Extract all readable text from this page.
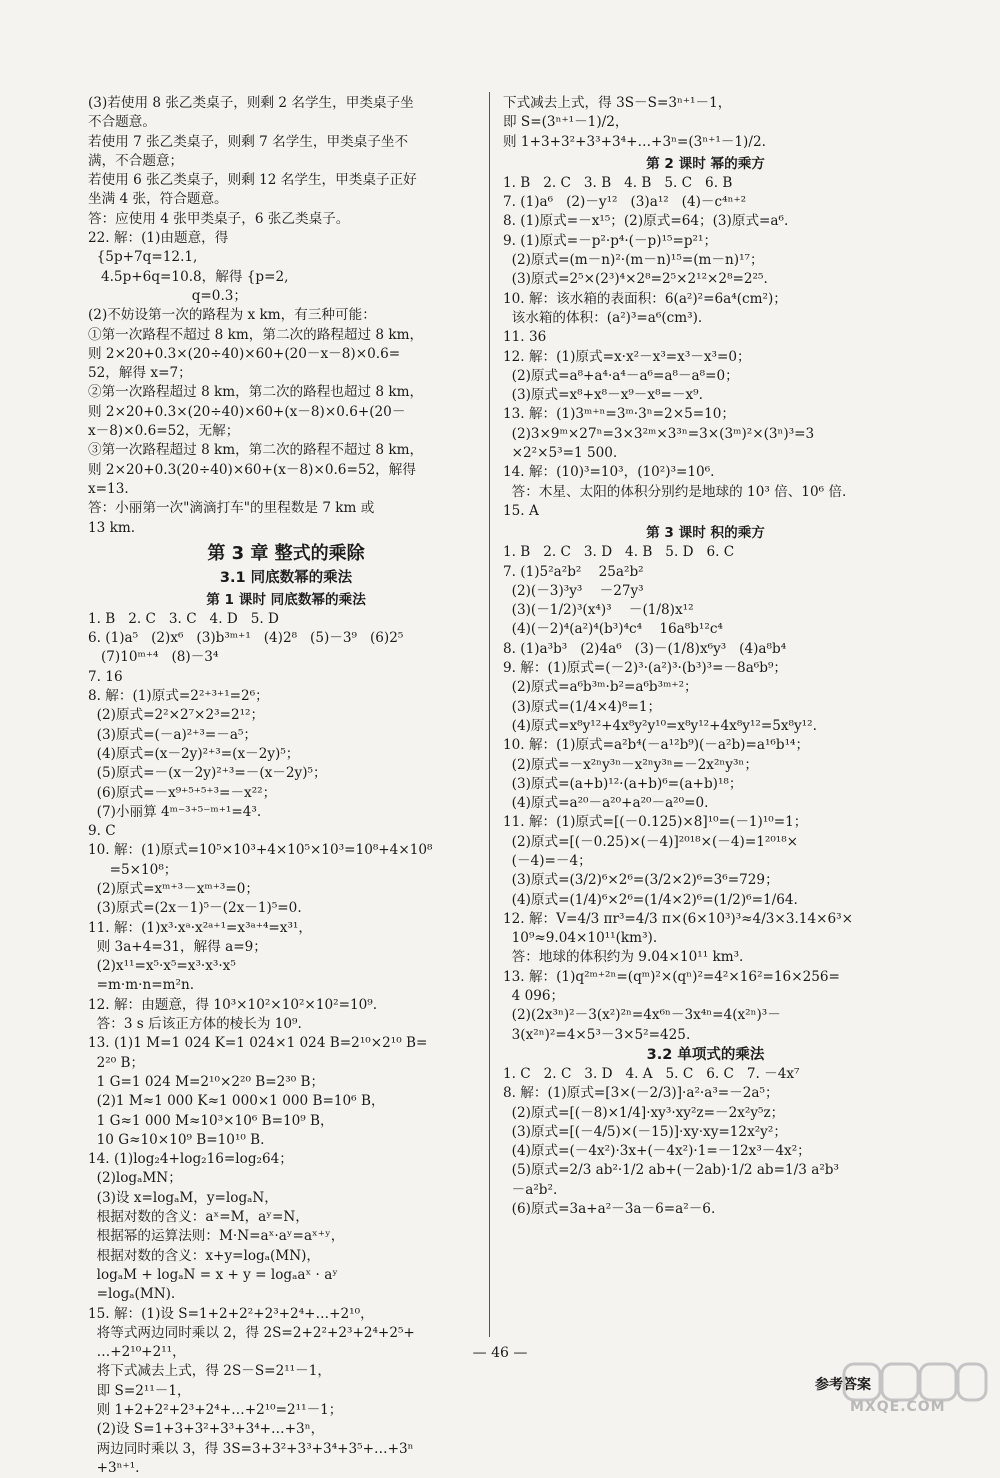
(3)若使用 8 张乙类桌子，则剩 2 名学生，甲类桌子坐
不合题意。
若使用 7 张乙类桌子，则剩 7 名学生，甲类桌子坐不
满，不合题意；
若使用 6 张乙类桌子，则剩 12 名学生，甲类桌子正好
坐满 4 张，符合题意。
答：应使用 4 张甲类桌子，6 张乙类桌子。
22. 解：(1)由题意，得
{5p+7q=12.1,
4.5p+6q=10.8，解得 {p=2,
q=0.3；
(2)不妨设第一次的路程为 x km，有三种可能：
①第一次路程不超过 8 km，第二次的路程超过 8 km，
则 2×20+0.3×(20÷40)×60+(20－x－8)×0.6=
52，解得 x=7；
②第一次路程超过 8 km，第二次的路程也超过 8 km，
则 2×20+0.3×(20÷40)×60+(x－8)×0.6+(20－
x－8)×0.6=52，无解；
③第一次路程超过 8 km，第二次的路程不超过 8 km，
则 2×20+0.3(20÷40)×60+(x－8)×0.6=52，解得
x=13.
答：小丽第一次"滴滴打车"的里程数是 7 km 或
13 km.
第 3 章 整式的乘除
3.1 同底数幂的乘法
第 1 课时 同底数幂的乘法
1. B   2. C   3. C   4. D   5. D
6. (1)a⁵   (2)x⁶   (3)b³ᵐ⁺¹   (4)2⁸   (5)－3⁹   (6)2⁵
(7)10ᵐ⁺⁴   (8)－3⁴
7. 16
8. 解：(1)原式=2²⁺³⁺¹=2⁶；
(2)原式=2²×2⁷×2³=2¹²；
(3)原式=(－a)²⁺³=－a⁵；
(4)原式=(x－2y)²⁺³=(x－2y)⁵；
(5)原式=－(x－2y)²⁺³=－(x－2y)⁵；
(6)原式=－x⁹⁺⁵⁺⁵⁺³=－x²²；
(7)小丽算 4ᵐ⁻³⁺⁵⁻ᵐ⁺¹=4³.
9. C
10. 解：(1)原式=10⁵×10³+4×10⁵×10³=10⁸+4×10⁸
=5×10⁸；
(2)原式=xᵐ⁺³－xᵐ⁺³=0；
(3)原式=(2x－1)⁵－(2x－1)⁵=0.
11. 解：(1)x³·xᵃ·x²ᵃ⁺¹=x³ᵃ⁺⁴=x³¹，
则 3a+4=31，解得 a=9；
(2)x¹¹=x⁵·x⁵=x³·x³·x⁵
=m·m·n=m²n.
12. 解：由题意，得 10³×10²×10²×10²=10⁹.
答：3 s 后该正方体的棱长为 10⁹.
13. (1)1 M=1 024 K=1 024×1 024 B=2¹⁰×2¹⁰ B=
2²⁰ B；
1 G=1 024 M=2¹⁰×2²⁰ B=2³⁰ B；
(2)1 M≈1 000 K≈1 000×1 000 B=10⁶ B，
1 G≈1 000 M≈10³×10⁶ B=10⁹ B，
10 G≈10×10⁹ B=10¹⁰ B.
14. (1)log₂4+log₂16=log₂64；
(2)logₐMN；
(3)设 x=logₐM，y=logₐN，
根据对数的含义：aˣ=M，aʸ=N，
根据幂的运算法则：M·N=aˣ·aʸ=aˣ⁺ʸ，
根据对数的含义：x+y=logₐ(MN)，
logₐM + logₐN = x + y = logₐaˣ · aʸ
=logₐ(MN).
15. 解：(1)设 S=1+2+2²+2³+2⁴+…+2¹⁰，
将等式两边同时乘以 2，得 2S=2+2²+2³+2⁴+2⁵+
…+2¹⁰+2¹¹，
将下式减去上式，得 2S－S=2¹¹－1，
即 S=2¹¹－1，
则 1+2+2²+2³+2⁴+…+2¹⁰=2¹¹－1；
(2)设 S=1+3+3²+3³+3⁴+…+3ⁿ，
两边同时乘以 3，得 3S=3+3²+3³+3⁴+3⁵+…+3ⁿ
+3ⁿ⁺¹.
下式减去上式，得 3S－S=3ⁿ⁺¹－1，
即 S=(3ⁿ⁺¹－1)/2，
则 1+3+3²+3³+3⁴+…+3ⁿ=(3ⁿ⁺¹－1)/2.
第 2 课时 幂的乘方
1. B   2. C   3. B   4. B   5. C   6. B
7. (1)a⁶   (2)－y¹²   (3)a¹²   (4)－c⁴ⁿ⁺²
8. (1)原式=－x¹⁵；(2)原式=64；(3)原式=a⁶.
9. (1)原式=－p²·p⁴·(－p)¹⁵=p²¹；
(2)原式=(m－n)²·(m－n)¹⁵=(m－n)¹⁷；
(3)原式=2⁵×(2³)⁴×2⁸=2⁵×2¹²×2⁸=2²⁵.
10. 解：该水箱的表面积：6(a²)²=6a⁴(cm²)；
该水箱的体积：(a²)³=a⁶(cm³).
11. 36
12. 解：(1)原式=x·x²－x³=x³－x³=0；
(2)原式=a⁸+a⁴·a⁴－a⁶=a⁸－a⁸=0；
(3)原式=x⁸+x⁸－x⁹－x⁸=－x⁹.
13. 解：(1)3ᵐ⁺ⁿ=3ᵐ·3ⁿ=2×5=10；
(2)3×9ᵐ×27ⁿ=3×3²ᵐ×3³ⁿ=3×(3ᵐ)²×(3ⁿ)³=3
×2²×5³=1 500.
14. 解：(10)³=10³，(10²)³=10⁶.
答：木星、太阳的体积分别约是地球的 10³ 倍、10⁶ 倍.
15. A
第 3 课时 积的乘方
1. B   2. C   3. D   4. B   5. D   6. C
7. (1)5²a²b²    25a²b²
(2)(－3)³y³    －27y³
(3)(－1/2)³(x⁴)³    －(1/8)x¹²
(4)(－2)⁴(a²)⁴(b³)⁴c⁴    16a⁸b¹²c⁴
8. (1)a³b³   (2)4a⁶   (3)－(1/8)x⁶y³   (4)a⁸b⁴
9. 解：(1)原式=(－2)³·(a²)³·(b³)³=－8a⁶b⁹；
(2)原式=a⁶b³ᵐ·b²=a⁶b³ᵐ⁺²；
(3)原式=(1/4×4)⁸=1；
(4)原式=x⁸y¹²+4x⁸y²y¹⁰=x⁸y¹²+4x⁸y¹²=5x⁸y¹².
10. 解：(1)原式=a²b⁴(－a¹²b⁹)(－a²b)=a¹⁶b¹⁴；
(2)原式=－x²ⁿy³ⁿ－x²ⁿy³ⁿ=－2x²ⁿy³ⁿ；
(3)原式=(a+b)¹²·(a+b)⁶=(a+b)¹⁸；
(4)原式=a²⁰－a²⁰+a²⁰－a²⁰=0.
11. 解：(1)原式=[(－0.125)×8]¹⁰=(－1)¹⁰=1；
(2)原式=[(－0.25)×(－4)]²⁰¹⁸×(－4)=1²⁰¹⁸×
(－4)=－4；
(3)原式=(3/2)⁶×2⁶=(3/2×2)⁶=3⁶=729；
(4)原式=(1/4)⁶×2⁶=(1/4×2)⁶=(1/2)⁶=1/64.
12. 解：V=4/3 πr³=4/3 π×(6×10³)³≈4/3×3.14×6³×
10⁹≈9.04×10¹¹(km³).
答：地球的体积约为 9.04×10¹¹ km³.
13. 解：(1)q²ᵐ⁺²ⁿ=(qᵐ)²×(qⁿ)²=4²×16²=16×256=
4 096；
(2)(2x³ⁿ)²－3(x²)²ⁿ=4x⁶ⁿ－3x⁴ⁿ=4(x²ⁿ)³－
3(x²ⁿ)²=4×5³－3×5²=425.
3.2 单项式的乘法
1. C   2. C   3. D   4. A   5. C   6. C   7. －4x⁷
8. 解：(1)原式=[3×(－2/3)]·a²·a³=－2a⁵；
(2)原式=[(－8)×1/4]·xy³·xy²z=－2x²y⁵z；
(3)原式=[(－4/5)×(－15)]·xy·xy=12x²y²；
(4)原式=(－4x²)·3x+(－4x²)·1=－12x³－4x²；
(5)原式=2/3 ab²·1/2 ab+(－2ab)·1/2 ab=1/3 a²b³
－a²b².
(6)原式=3a+a²－3a－6=a²－6.
— 46 —
参考答案
MXQE.COM
